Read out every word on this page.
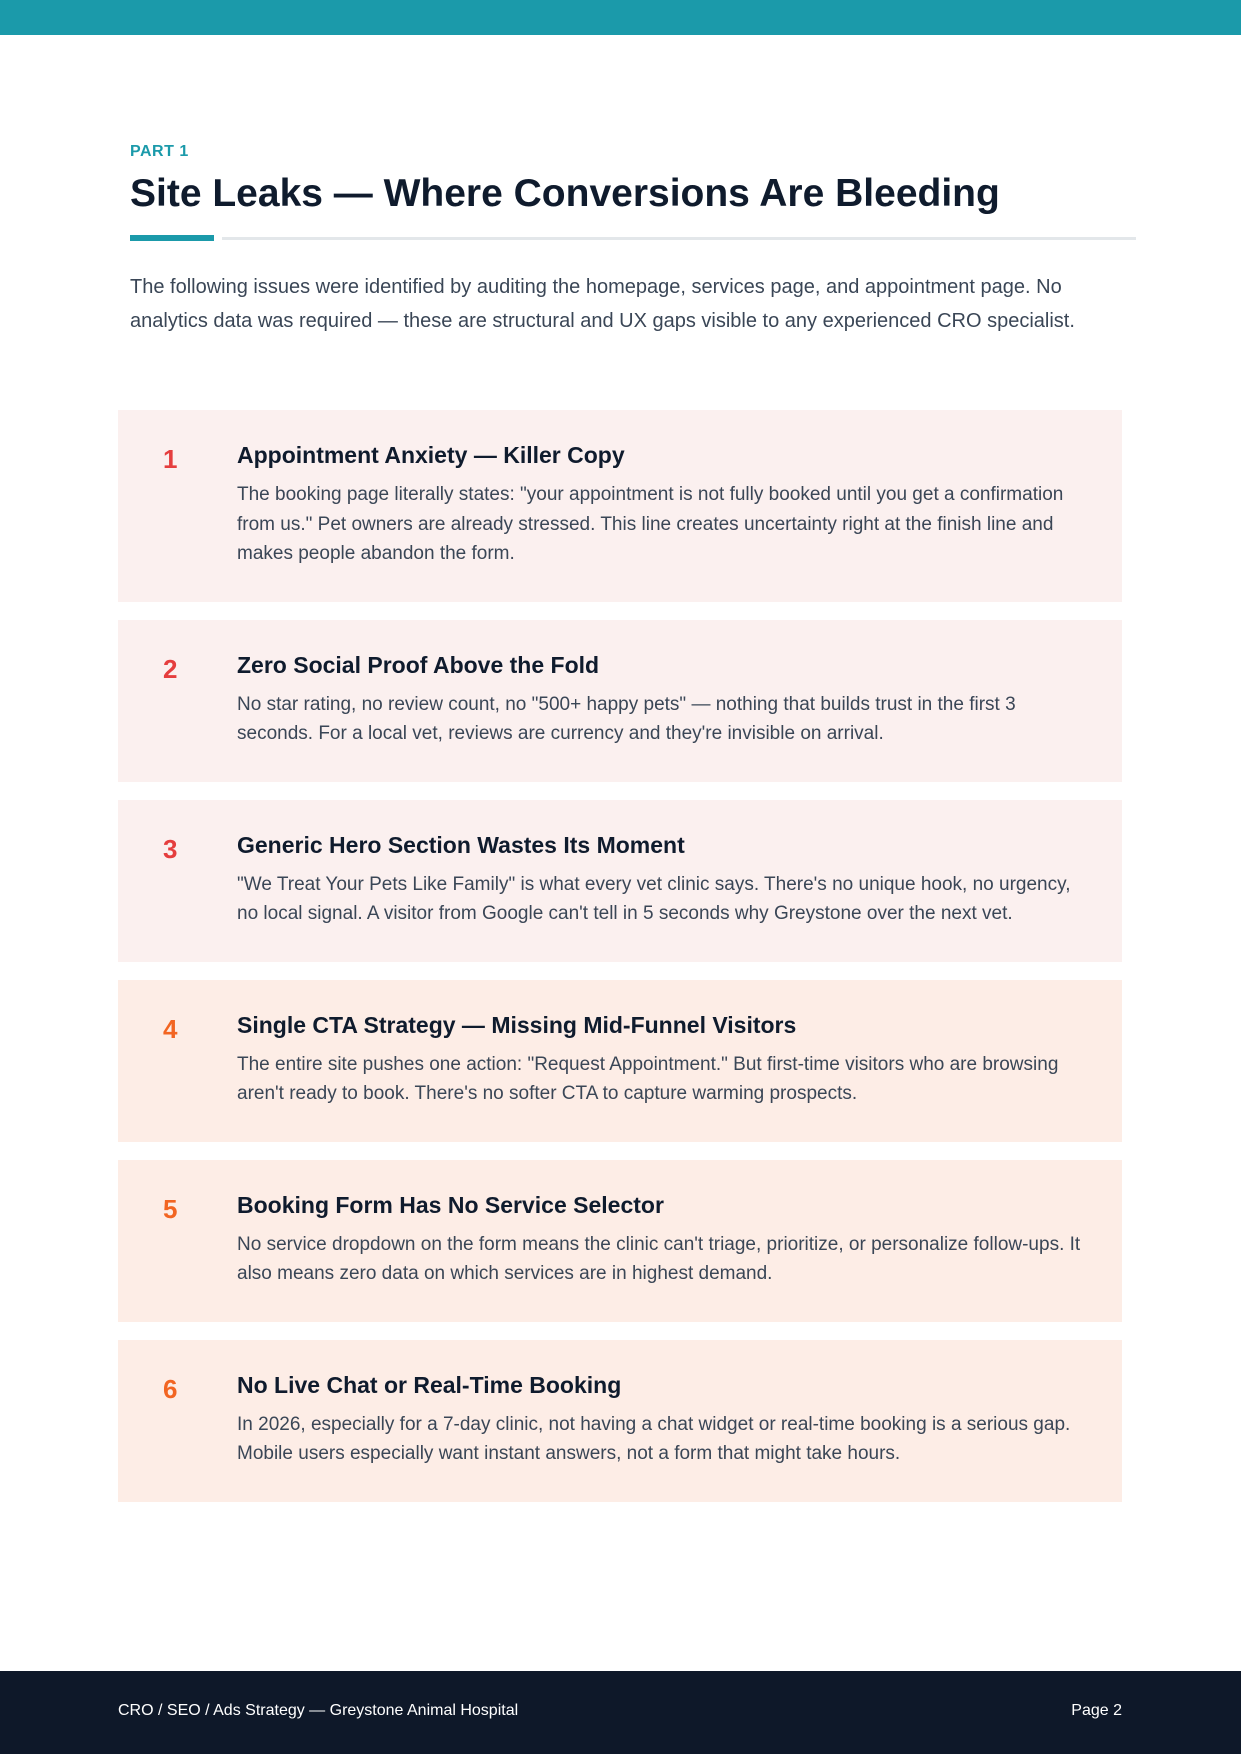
PART 1
Site Leaks — Where Conversions Are Bleeding

The following issues were identified by auditing the homepage, services page, and appointment page. No analytics data was required — these are structural and UX gaps visible to any experienced CRO specialist.

1	Appointment Anxiety — Killer Copy

The booking page literally states: "your appointment is not fully booked until you get a confirmation from us." Pet owners are already stressed. This line creates uncertainty right at the finish line and makes people abandon the form.

2	Zero Social Proof Above the Fold

No star rating, no review count, no "500+ happy pets" — nothing that builds trust in the first 3 seconds. For a local vet, reviews are currency and they're invisible on arrival.

3	Generic Hero Section Wastes Its Moment

"We Treat Your Pets Like Family" is what every vet clinic says. There's no unique hook, no urgency, no local signal. A visitor from Google can't tell in 5 seconds why Greystone over the next vet.

4	Single CTA Strategy — Missing Mid-Funnel Visitors

The entire site pushes one action: "Request Appointment." But first-time visitors who are browsing aren't ready to book. There's no softer CTA to capture warming prospects.

5	Booking Form Has No Service Selector

No service dropdown on the form means the clinic can't triage, prioritize, or personalize follow-ups. It also means zero data on which services are in highest demand.

6	No Live Chat or Real-Time Booking

In 2026, especially for a 7-day clinic, not having a chat widget or real-time booking is a serious gap. Mobile users especially want instant answers, not a form that might take hours.

CRO / SEO / Ads Strategy — Greystone Animal Hospital	Page 2
